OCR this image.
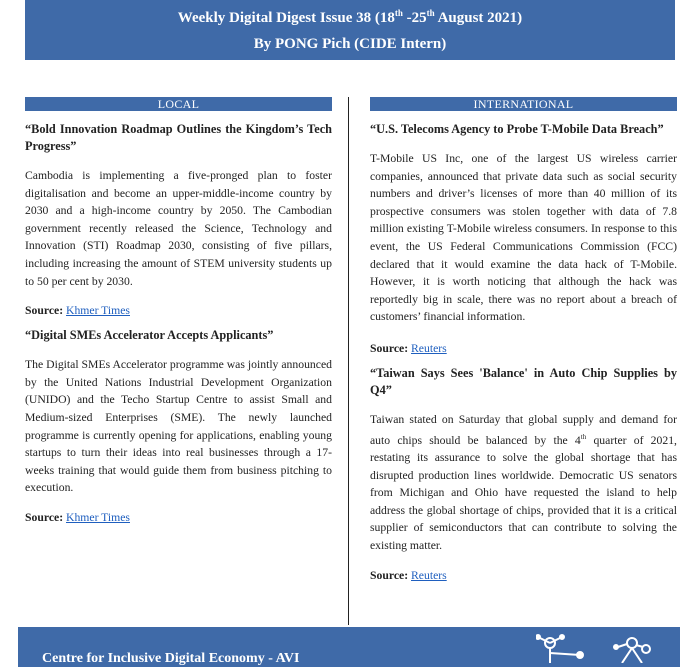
Weekly Digital Digest Issue 38 (18th -25th August 2021)
By PONG Pich (CIDE Intern)
LOCAL
“Bold Innovation Roadmap Outlines the Kingdom’s Tech Progress”
Cambodia is implementing a five-pronged plan to foster digitalisation and become an upper-middle-income country by 2030 and a high-income country by 2050. The Cambodian government recently released the Science, Technology and Innovation (STI) Roadmap 2030, consisting of five pillars, including increasing the amount of STEM university students up to 50 per cent by 2030.
Source: Khmer Times
“Digital SMEs Accelerator Accepts Applicants”
The Digital SMEs Accelerator programme was jointly announced by the United Nations Industrial Development Organization (UNIDO) and the Techo Startup Centre to assist Small and Medium-sized Enterprises (SME). The newly launched programme is currently opening for applications, enabling young startups to turn their ideas into real businesses through a 17-weeks training that would guide them from business pitching to execution.
Source: Khmer Times
INTERNATIONAL
“U.S. Telecoms Agency to Probe T-Mobile Data Breach”
T-Mobile US Inc, one of the largest US wireless carrier companies, announced that private data such as social security numbers and driver’s licenses of more than 40 million of its prospective consumers was stolen together with data of 7.8 million existing T-Mobile wireless consumers. In response to this event, the US Federal Communications Commission (FCC) declared that it would examine the data hack of T-Mobile. However, it is worth noticing that although the hack was reportedly big in scale, there was no report about a breach of customers’ financial information.
Source: Reuters
“Taiwan Says Sees 'Balance' in Auto Chip Supplies by Q4”
Taiwan stated on Saturday that global supply and demand for auto chips should be balanced by the 4th quarter of 2021, restating its assurance to solve the global shortage that has disrupted production lines worldwide. Democratic US senators from Michigan and Ohio have requested the island to help address the global shortage of chips, provided that it is a critical supplier of semiconductors that can contribute to solving the existing matter.
Source: Reuters
Centre for Inclusive Digital Economy - AVI
